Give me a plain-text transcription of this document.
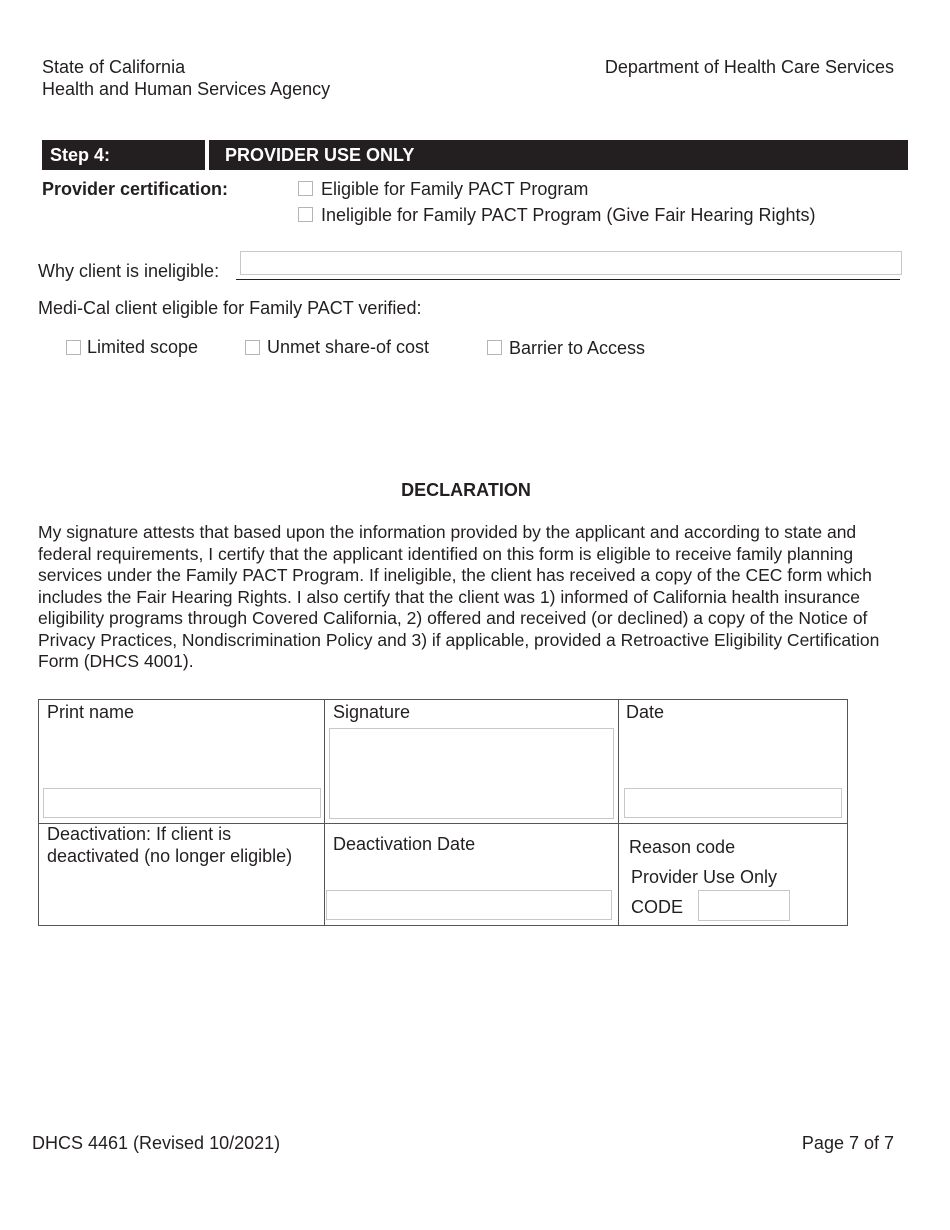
State of California
Health and Human Services Agency
Department of Health Care Services
Step 4:	PROVIDER USE ONLY
Provider certification:	Eligible for Family PACT Program
Ineligible for Family PACT Program (Give Fair Hearing Rights)
Why client is ineligible:
Medi-Cal client eligible for Family PACT verified:
Limited scope	Unmet share-of cost	Barrier to Access
DECLARATION
My signature attests that based upon the information provided by the applicant and according to state and federal requirements, I certify that the applicant identified on this form is eligible to receive family planning services under the Family PACT Program. If ineligible, the client has received a copy of the CEC form which includes the Fair Hearing Rights. I also certify that the client was 1) informed of California health insurance eligibility programs through Covered California, 2) offered and received (or declined) a copy of the Notice of Privacy Practices, Nondiscrimination Policy and 3) if applicable, provided a Retroactive Eligibility Certification Form (DHCS 4001).
Print name	Signature	Date
Deactivation: If client is
deactivated (no longer eligible)
Deactivation Date	Reason code
Provider Use Only
CODE
DHCS 4461 (Revised 10/2021)	Page 7 of 7
